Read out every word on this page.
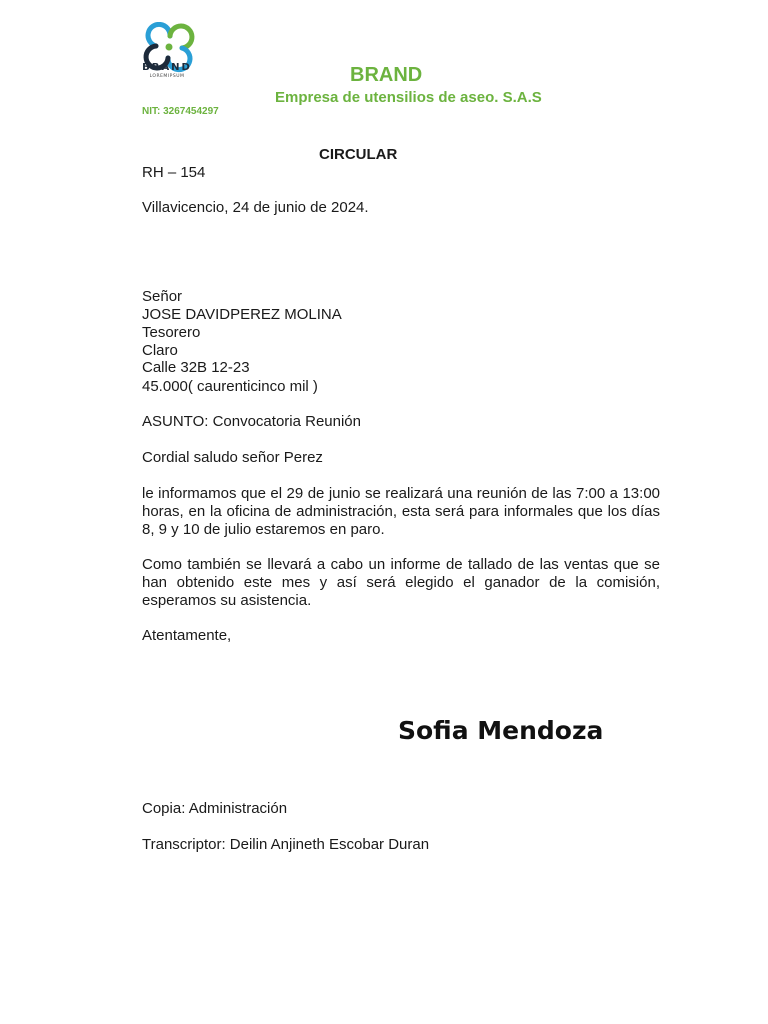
BRAND
LOREMIPSUM	BRAND
Empresa de utensilios de aseo. S.A.S
NIT: 3267454297
CIRCULAR
RH – 154
Villavicencio, 24 de junio de 2024.
Señor
JOSE DAVIDPEREZ MOLINA
Tesorero
Claro
Calle 32B 12-23
45.000( caurenticinco mil )
ASUNTO: Convocatoria Reunión
Cordial saludo señor Perez
le informamos que el 29 de junio se realizará una reunión de las 7:00 a 13:00 horas, en la oficina de administración, esta será para informales que los días 8, 9 y 10 de julio estaremos en paro.
Como también se llevará a cabo un informe de tallado de las ventas que se han obtenido este mes y así será elegido el ganador de la comisión, esperamos su asistencia.
Atentamente,
Sofia Mendoza
Copia: Administración
Transcriptor: Deilin Anjineth Escobar Duran
